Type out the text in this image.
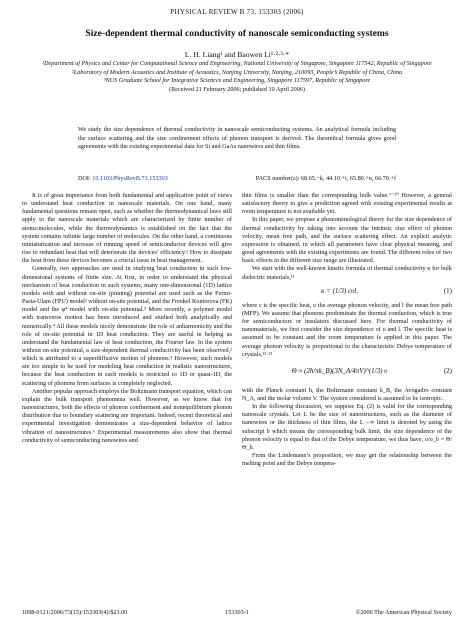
PHYSICAL REVIEW B 73, 153303 (2006)
Size-dependent thermal conductivity of nanoscale semiconducting systems
L. H. Liang¹ and Baowen Li¹·²·³·*
¹Department of Physics and Center for Computational Science and Engineering, National University of Singapore, Singapore 117542, Republic of Singapore
²Laboratory of Modern Acoustics and Institute of Acoustics, Nanjing University, Nanjing, 210093, People’s Republic of China, China
³NUS Graduate School for Integrative Sciences and Engineering, Singapore 117597, Republic of Singapore
(Received 21 February 2006; published 10 April 2006)
We study the size dependence of thermal conductivity in nanoscale semiconducting systems. An analytical formula including the surface scattering and the size confinement effects of phonon transport is derived. The theoretical formula gives good agreements with the existing experimental data for Si and GaAs nanowires and thin films.
DOI: 10.1103/PhysRevB.73.153303	PACS number(s): 68.65.−k, 44.10.+i, 65.80.+n, 66.70.+f

It is of great importance from both fundamental and application point of views to understand heat conduction in nanoscale materials. On one hand, many fundamental questions remain open, such as whether the thermodynamical laws still apply to the nanoscale materials which are characterized by finite number of atoms/molecules, while the thermodynamics is established on the fact that the system contains infinite large number of molecules. On the other hand, a continuous miniaturization and increase of running speed of semiconductor devices will give rise to redundant heat that will deteriorate the devices’ efficiency.¹ How to dissipate the heat from these devices becomes a crucial issue in heat management.

Generally, two approaches are used in studying heat conduction in such low-dimensional systems of finite size. At first, in order to understand the physical mechanism of heat conduction in such systems, many one-dimensional (1D) lattice models with and without on-site (pinning) potential are used such as the Fermi-Pasta-Ulam (FPU) model² without on-site potential, and the Frenkel Kontorova (FK) model and the φ⁴ model with on-site potential.³ More recently, a polymer model with transverse motion has been introduced and studied both analytically and numerically.⁴ All these models nicely demonstrate the role of anharmonicity and the role of on-site potential in 1D heat conduction. They are useful in helping us understand the fundamental law of heat conduction, the Fourier law. In the system without on-site potential, a size-dependent thermal conductivity has been observed,² which is attributed to a superdiffusive motion of phonons.⁵ However, such models are too simple to be used for modeling heat conduction in realistic nanostructures, because the heat conduction in such models is restricted to 1D or quasi-1D, the scattering of phonons from surfaces is completely neglected.

Another popular approach employs the Boltzmann transport equation, which can explain the bulk transport phenomena well. However, as we know that for nanostructures, both the effects of phonon confinement and nonequilibrium phonon distribution due to boundary scattering are important. Indeed, recent theoretical and experimental investigation demonstrates a size-dependent behavior of lattice vibration of nanostructures.⁶ Experimental measurements also show that thermal conductivity of semiconducting nanowires and

thin films is smaller than the corresponding bulk value.⁷⁻¹⁰ However, a general satisfactory theory to give a prediction agreed with existing experimental results at room temperature is not available yet.

In this paper, we propose a phenomenological theory for the size dependence of thermal conductivity by taking into account the intrinsic size effect of phonon velocity, mean free path, and the surface scattering effect. An explicit analytic expression is obtained, in which all parameters have clear physical meaning, and good agreements with the existing experiments are found. The different roles of two basic effects in the different size range are illustrated.

We start with the well-known kinetic formula of thermal conductivity κ for bulk dielectric materials,¹¹

κ = (1/3) cυl,	(1)

where c is the specific heat, υ the average phonon velocity, and l the mean free path (MFP). We assume that phonons predominate the thermal conduction, which is true for semiconductors or insulators discussed here. For thermal conductivity of nanomaterials, we first consider the size dependence of υ and l. The specific heat is assumed to be constant and the room temperature is applied in this paper. The average phonon velocity is proportional to the characteristic Debye temperature of crystals,¹²·¹³

Θ ≈ (2ħ/πk_B)(3N_A/4πV)^(1/3) υ	(2)

with the Planck constant ħ, the Boltzmann constant k_B, the Avogadro constant N_A, and the molar volume V. The system considered is assumed to be isotropic.

In the following discussion, we suppose Eq. (2) is valid for the corresponding nanoscale crystals. Let L be the size of nanostructures, such as the diameter of nanowires or the thickness of thin films, the L→∞ limit is denoted by using the subscript b which means the corresponding bulk limit, the size dependence of the phonon velocity is equal to that of the Debye temperature, we thus have, υ/υ_b = Θ/Θ_b.

From the Lindemann’s proposition, we may get the relationship between the melting point and the Debye tempera-

1098-0121/2006/73(15)/153303(4)/$23.00	153303-1	©2006 The American Physical Society
